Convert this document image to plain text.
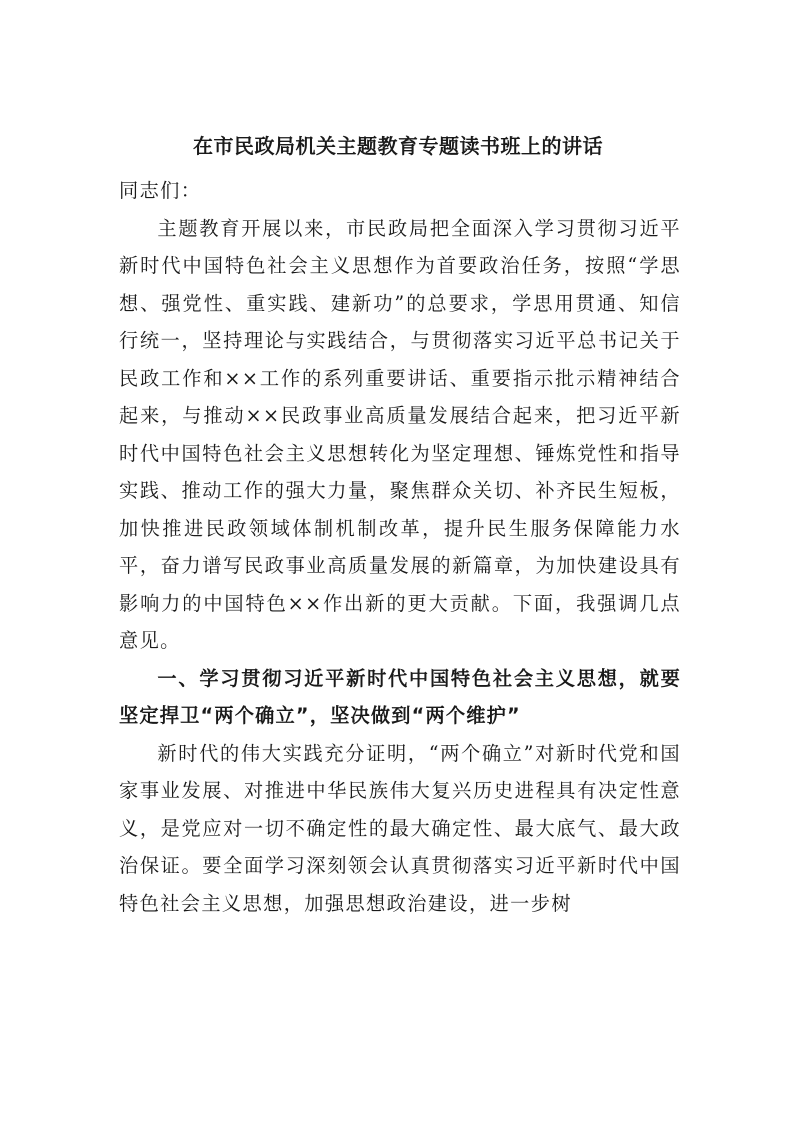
在市民政局机关主题教育专题读书班上的讲话

同志们：

主题教育开展以来，市民政局把全面深入学习贯彻习近平新时代中国特色社会主义思想作为首要政治任务，按照“学思想、强党性、重实践、建新功”的总要求，学思用贯通、知信行统一，坚持理论与实践结合，与贯彻落实习近平总书记关于民政工作和××工作的系列重要讲话、重要指示批示精神结合起来，与推动××民政事业高质量发展结合起来，把习近平新时代中国特色社会主义思想转化为坚定理想、锤炼党性和指导实践、推动工作的强大力量，聚焦群众关切、补齐民生短板，加快推进民政领域体制机制改革，提升民生服务保障能力水平，奋力谱写民政事业高质量发展的新篇章，为加快建设具有影响力的中国特色××作出新的更大贡献。下面，我强调几点意见。

一、学习贯彻习近平新时代中国特色社会主义思想，就要坚定捍卫“两个确立”，坚决做到“两个维护”

新时代的伟大实践充分证明，“两个确立”对新时代党和国家事业发展、对推进中华民族伟大复兴历史进程具有决定性意义，是党应对一切不确定性的最大确定性、最大底气、最大政治保证。要全面学习深刻领会认真贯彻落实习近平新时代中国特色社会主义思想，加强思想政治建设，进一步树
